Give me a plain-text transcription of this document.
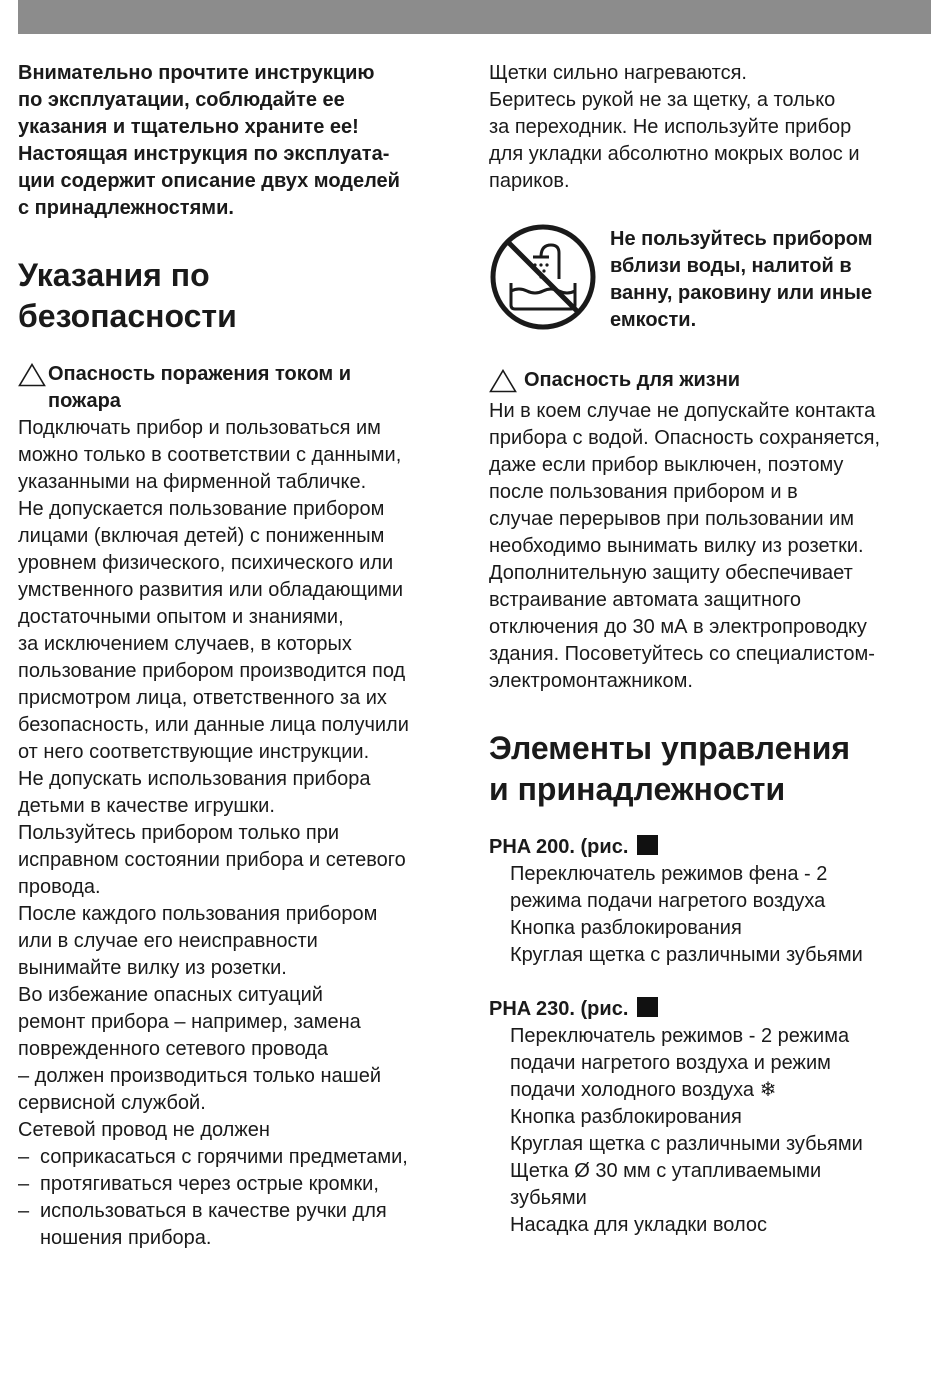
Внимательно прочтите инструкцию

по эксплуатации, соблюдайте ее

указания и тщательно храните ее!

Настоящая инструкция по эксплуата-

ции содержит описание двух моделей

с принадлежностями.

Указания по

безопасности

Опасность поражения током и

пожара

Подключать прибор и пользоваться им

можно только в соответствии с данными,

указанными на фирменной табличке.

Не допускается пользование прибором

лицами (включая детей) с пониженным

уровнем физического, психического или

умственного развития или обладающими

достаточными опытом и знаниями,

за исключением случаев, в которых

пользование прибором производится под

присмотром лица, ответственного за их

безопасность, или данные лица получили

от него соответствующие инструкции.

Не допускать использования прибора

детьми в качестве игрушки.

Пользуйтесь прибором только при

исправном состоянии прибора и сетевого

провода.

После каждого пользования прибором

или в случае его неисправности

вынимайте вилку из розетки.

Во избежание опасных ситуаций

ремонт прибора – например, замена

поврежденного сетевого провода

– должен производиться только нашей

сервисной службой.

Сетевой провод не должен

– соприкасаться с горячими предметами,

– протягиваться через острые кромки,

– использоваться в качестве ручки для

ношения прибора.

Щетки сильно нагреваются.

Беритесь рукой не за щетку, а только

за переходник. Не используйте прибор

для укладки абсолютно мокрых волос и

париков.

Не пользуйтесь прибором

вблизи воды, налитой в

ванну, раковину или иные

емкости.

Опасность для жизни

Ни в коем случае не допускайте контакта

прибора с водой. Опасность сохраняется,

даже если прибор выключен, поэтому

после пользования прибором и в

случае перерывов при пользовании им

необходимо вынимать вилку из розетки.

Дополнительную защиту обеспечивает

встраивание автомата защитного

отключения до 30 мА в электропроводку

здания. Посоветуйтесь со специалистом-

электромонтажником.

Элементы управления

и принадлежности

PHA 200. (рис.

Переключатель режимов фена - 2

режима подачи нагретого воздуха

Кнопка разблокирования

Круглая щетка с различными зубьями

PHA 230. (рис.

Переключатель режимов - 2 режима

подачи нагретого воздуха и режим

подачи холодного воздуха ❄

Кнопка разблокирования

Круглая щетка с различными зубьями

Щетка Ø 30 мм с утапливаемыми

зубьями

Насадка для укладки волос
